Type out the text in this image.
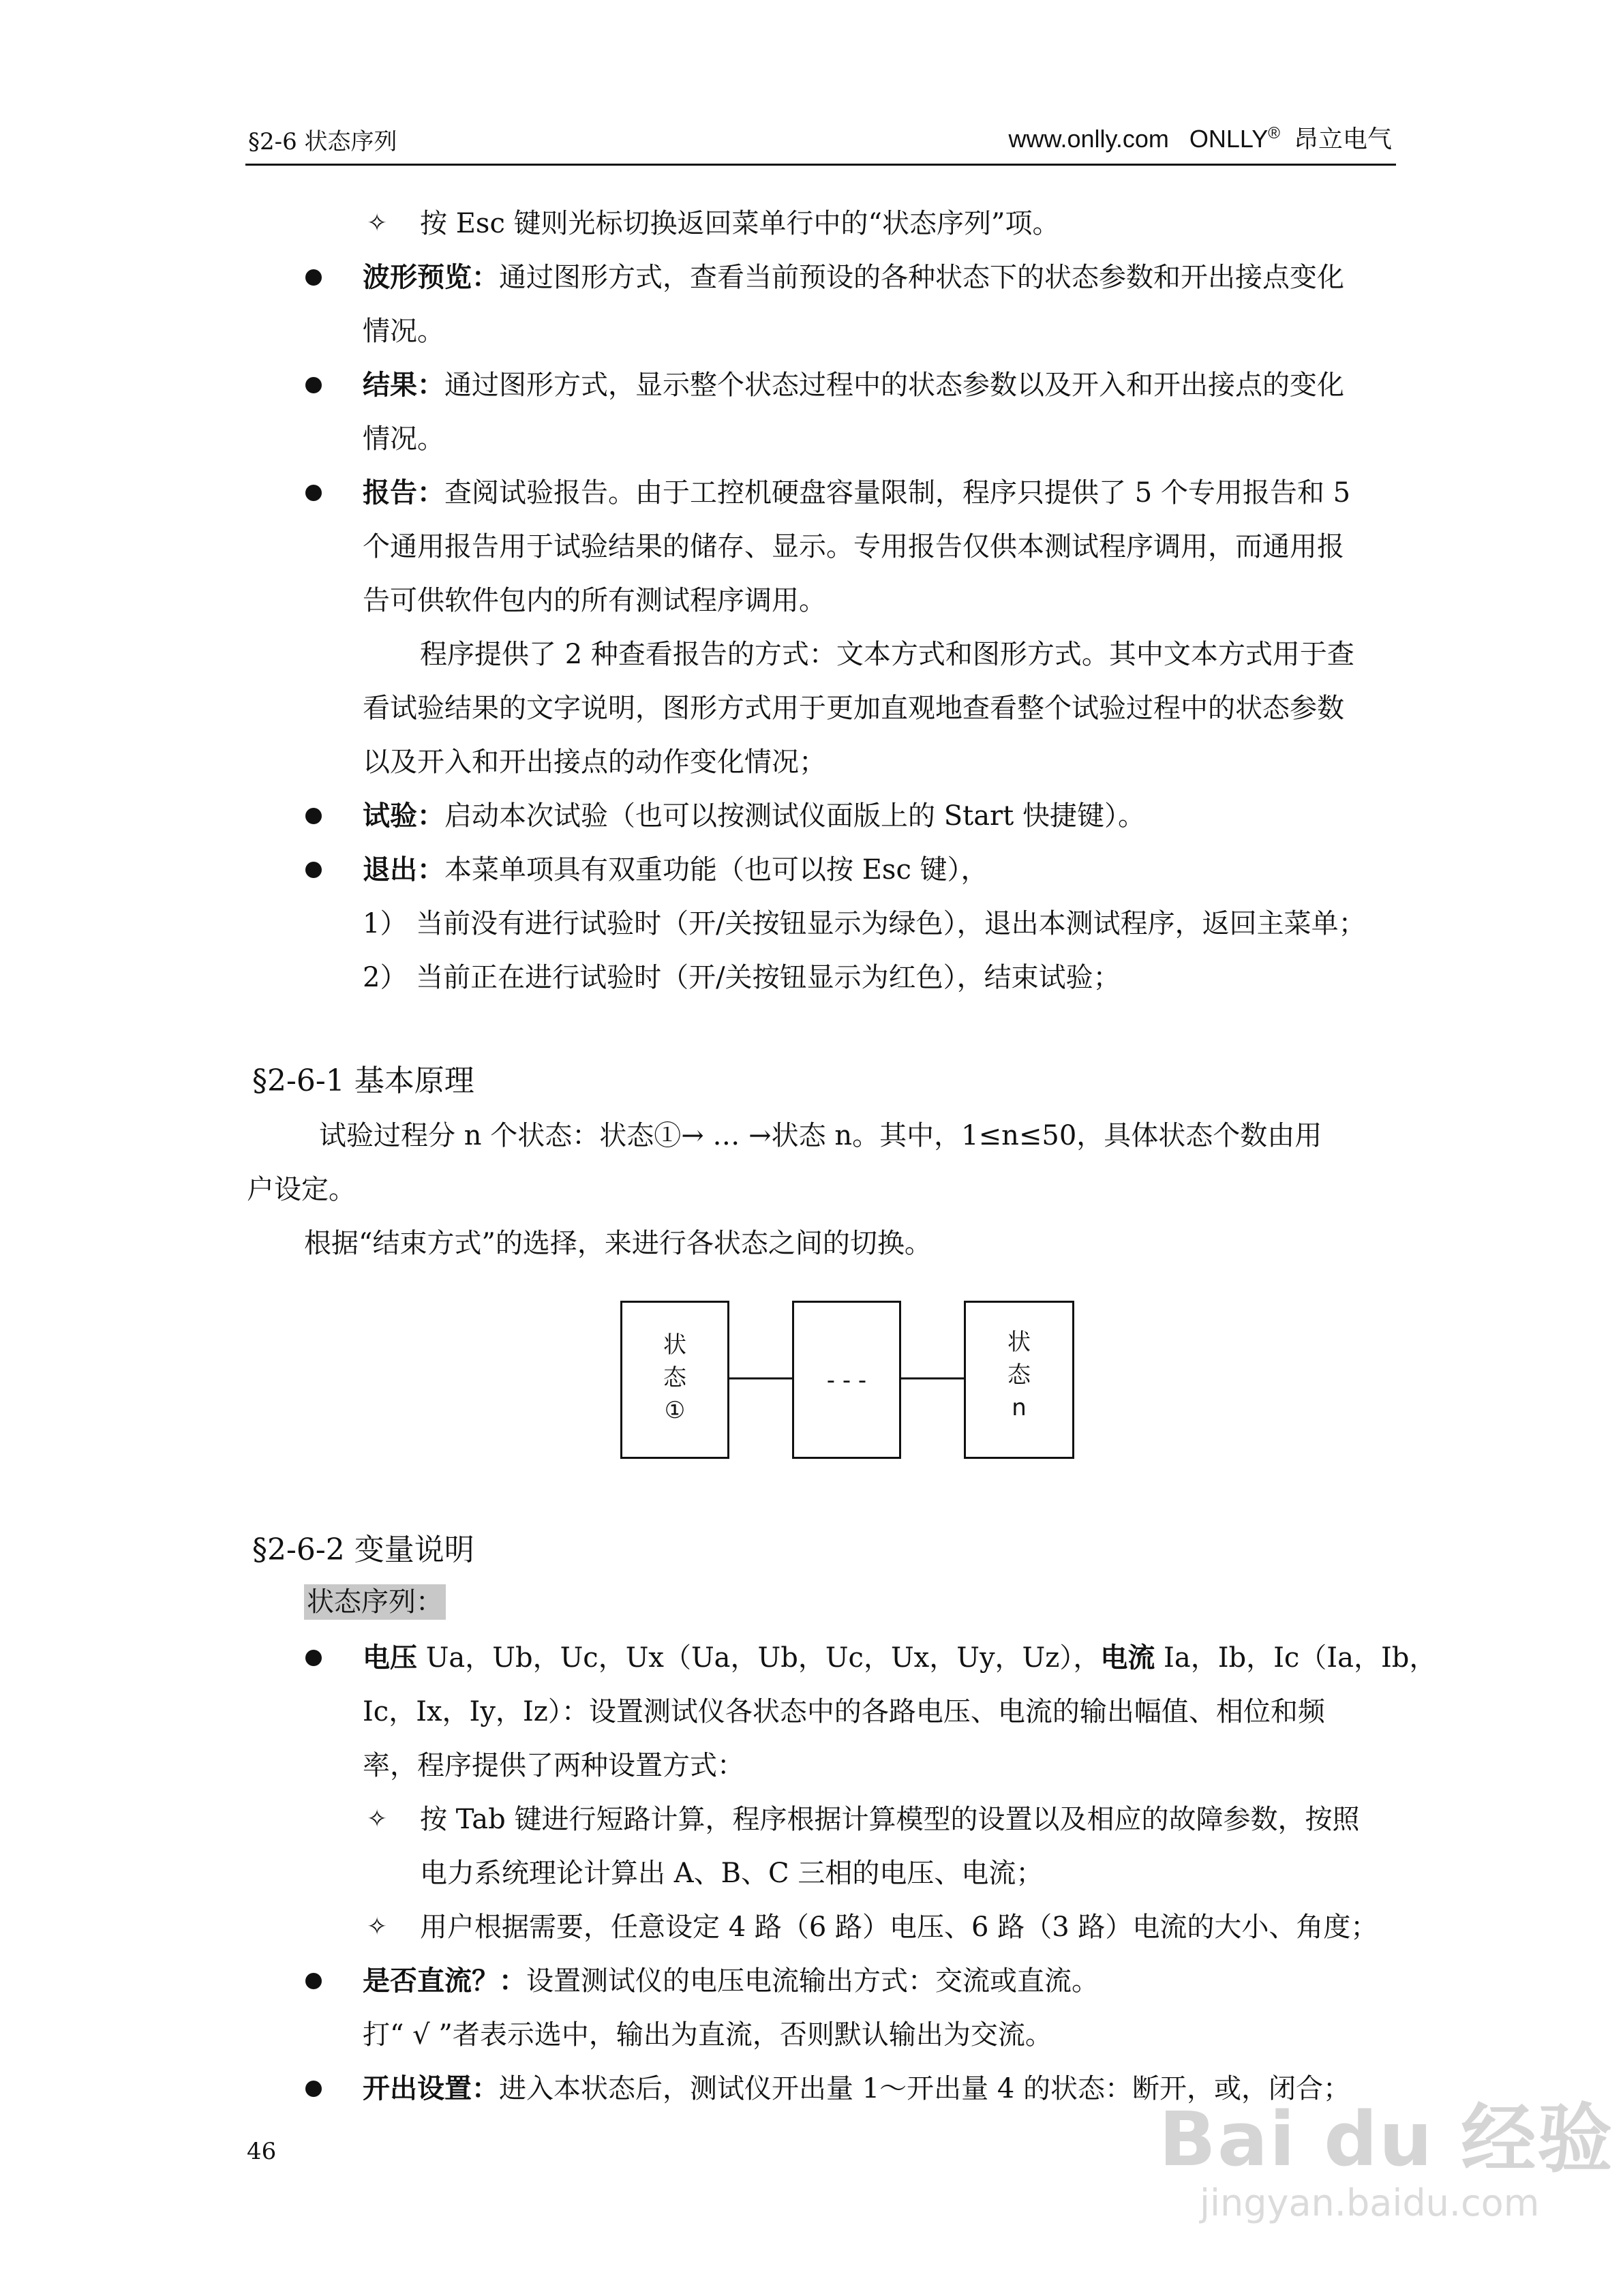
§2-6 状态序列	www.onlly.com ONLLY® 昂立电气
✧ 按 Esc 键则光标切换返回菜单行中的“状态序列”项。
波形预览：通过图形方式，查看当前预设的各种状态下的状态参数和开出接点变化
情况。
结果：通过图形方式，显示整个状态过程中的状态参数以及开入和开出接点的变化
情况。
报告：查阅试验报告。由于工控机硬盘容量限制，程序只提供了 5 个专用报告和 5
个通用报告用于试验结果的储存、显示。专用报告仅供本测试程序调用，而通用报
告可供软件包内的所有测试程序调用。
程序提供了 2 种查看报告的方式：文本方式和图形方式。其中文本方式用于查
看试验结果的文字说明，图形方式用于更加直观地查看整个试验过程中的状态参数
以及开入和开出接点的动作变化情况；
试验：启动本次试验（也可以按测试仪面版上的 Start 快捷键）。
退出：本菜单项具有双重功能（也可以按 Esc 键），
1） 当前没有进行试验时（开/关按钮显示为绿色），退出本测试程序，返回主菜单；
2） 当前正在进行试验时（开/关按钮显示为红色），结束试验；
§2-6-1 基本原理
试验过程分 n 个状态：状态①→ … →状态 n。其中，1≤n≤50，具体状态个数由用
户设定。
根据“结束方式”的选择，来进行各状态之间的切换。
状
态
①
- - -
状
态
n
§2-6-2 变量说明
状态序列：
电压 Ua，Ub，Uc，Ux（Ua，Ub，Uc，Ux，Uy，Uz），电流 Ia，Ib，Ic（Ia，Ib，
Ic，Ix，Iy，Iz）：设置测试仪各状态中的各路电压、电流的输出幅值、相位和频
率，程序提供了两种设置方式：
✧ 按 Tab 键进行短路计算，程序根据计算模型的设置以及相应的故障参数，按照
电力系统理论计算出 A、B、C 三相的电压、电流；
✧ 用户根据需要，任意设定 4 路（6 路）电压、6 路（3 路）电流的大小、角度；
是否直流？：设置测试仪的电压电流输出方式：交流或直流。
打“ √ ”者表示选中，输出为直流，否则默认输出为交流。
开出设置：进入本状态后，测试仪开出量 1～开出量 4 的状态：断开，或，闭合；
46	Bai du 经验
jingyan.baidu.com
